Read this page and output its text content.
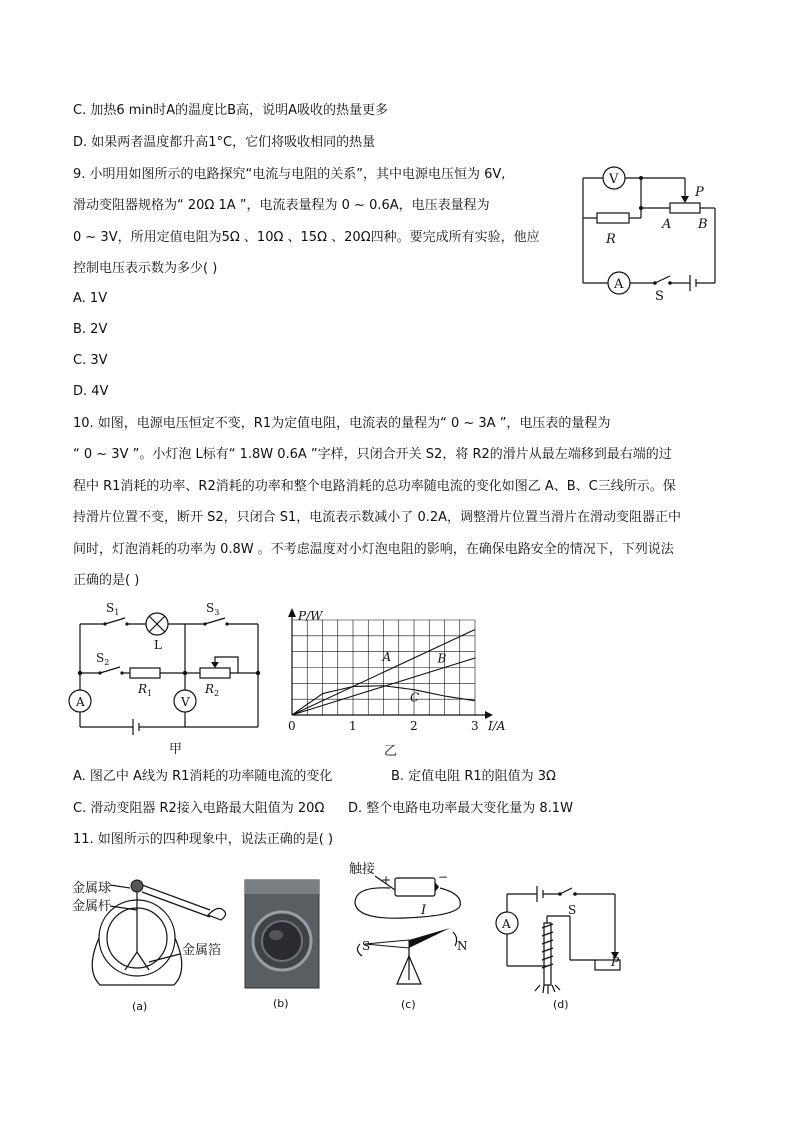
C. 加热6 min时A的温度比B高，说明A吸收的热量更多
D. 如果两者温度都升高1°C，它们将吸收相同的热量
9. 小明用如图所示的电路探究“电流与电阻的关系”，其中电源电压恒为 6V,
滑动变阻器规格为“ 20Ω 1A ”，电流表量程为 0 ~ 0.6A，电压表量程为
0 ~ 3V，所用定值电阻为5Ω 、10Ω 、15Ω 、20Ω四种。要完成所有实验，他应
控制电压表示数为多少( )
A. 1V
B. 2V
C. 3V
D. 4V
V
A
P
A B
R
S
10. 如图，电源电压恒定不变，R1为定值电阻，电流表的量程为“ 0 ~ 3A ”，电压表的量程为
“ 0 ~ 3V ”。小灯泡 L标有“ 1.8W 0.6A ”字样，只闭合开关 S2，将 R2的滑片从最左端移到最右端的过
程中 R1消耗的功率、R2消耗的功率和整个电路消耗的总功率随电流的变化如图乙 A、B、C三线所示。保
持滑片位置不变，断开 S2，只闭合 S1，电流表示数减小了 0.2A，调整滑片位置当滑片在滑动变阻器正中
间时，灯泡消耗的功率为 0.8W 。不考虑温度对小灯泡电阻的影响，在确保电路安全的情况下，下列说法
正确的是( )
$S_1$	$S_3$
$S_2$
L
$R_1$	$R_2$
A	V
甲
A	B
C
0	1	2	3
P/W
I/A
乙
A. 图乙中 A线为 R1消耗的功率随电流的变化	B. 定值电阻 R1的阻值为 3Ω
C. 滑动变阻器 R2接入电路最大阻值为 20Ω D. 整个电路电功率最大变化量为 8.1W
11. 如图所示的四种现象中，说法正确的是( )
金属球
金属杆
金属箔
(a)	(b)
触接
+	−
I
S	N
(c)
A
S
P
(d)
